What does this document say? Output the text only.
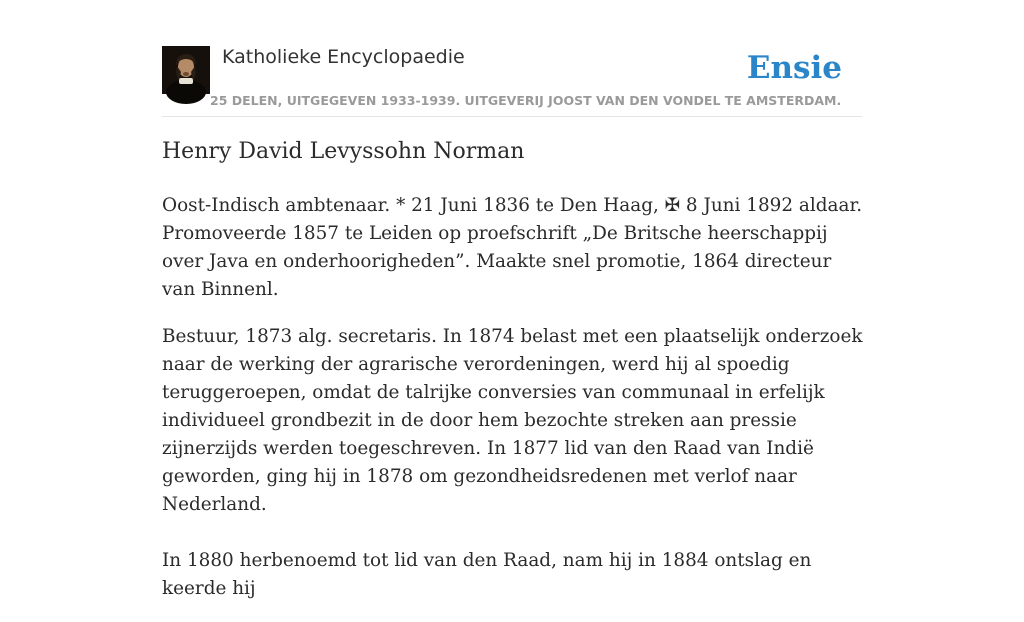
Katholieke Encyclopaedie
25 DELEN, UITGEGEVEN 1933-1939. UITGEVERIJ JOOST VAN DEN VONDEL TE AMSTERDAM.
Ensie
Henry David Levyssohn Norman

Oost-Indisch ambtenaar. * 21 Juni 1836 te Den Haag, ✠ 8 Juni 1892 aldaar. Promoveerde 1857 te Leiden op proefschrift „De Britsche heerschappij over Java en onderhoorigheden”. Maakte snel promotie, 1864 directeur van Binnenl.

Bestuur, 1873 alg. secretaris. In 1874 belast met een plaatselijk onderzoek naar de werking der agrarische verordeningen, werd hij al spoedig teruggeroepen, omdat de talrijke conversies van communaal in erfelijk individueel grondbezit in de door hem bezochte streken aan pressie zijnerzijds werden toegeschreven. In 1877 lid van den Raad van Indië geworden, ging hij in 1878 om gezondheidsredenen met verlof naar Nederland.

In 1880 herbenoemd tot lid van den Raad, nam hij in 1884 ontslag en keerde hij
